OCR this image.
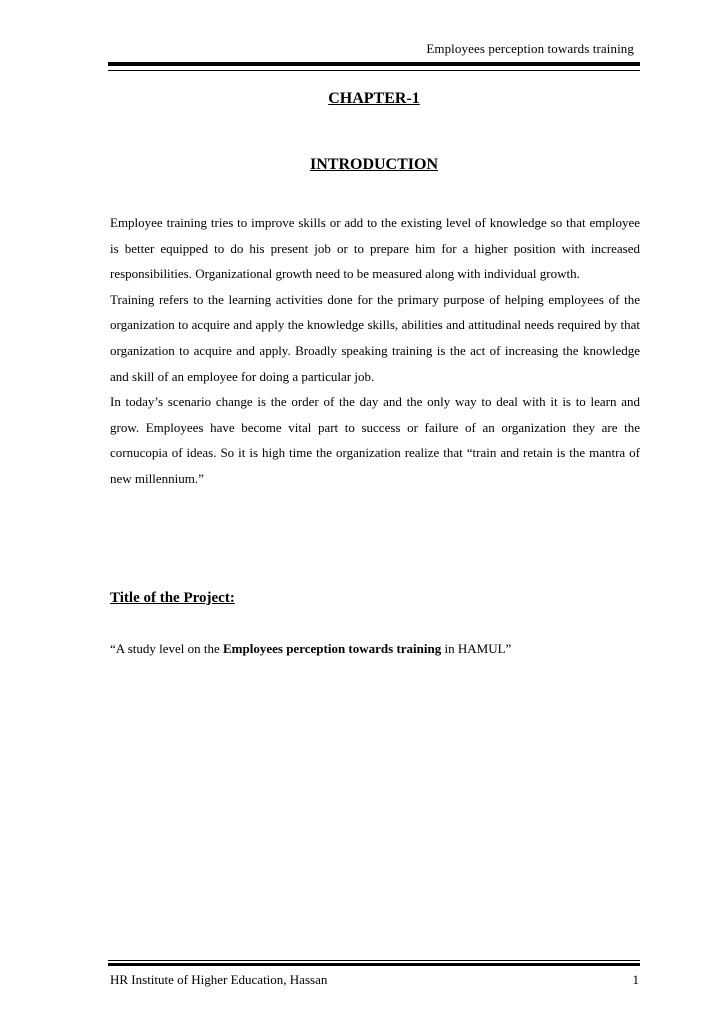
Employees perception towards training
CHAPTER-1
INTRODUCTION

Employee training tries to improve skills or add to the existing level of knowledge so that employee is better equipped to do his present job or to prepare him for a higher position with increased responsibilities. Organizational growth need to be measured along with individual growth.

Training refers to the learning activities done for the primary purpose of helping employees of the organization to acquire and apply the knowledge skills, abilities and attitudinal needs required by that organization to acquire and apply. Broadly speaking training is the act of increasing the knowledge and skill of an employee for doing a particular job.

In today’s scenario change is the order of the day and the only way to deal with it is to learn and grow. Employees have become vital part to success or failure of an organization they are the cornucopia of ideas. So it is high time the organization realize that “train and retain is the mantra of new millennium.”

Title of the Project:
“A study level on the Employees perception towards training in HAMUL”
HR Institute of Higher Education, Hassan	1
